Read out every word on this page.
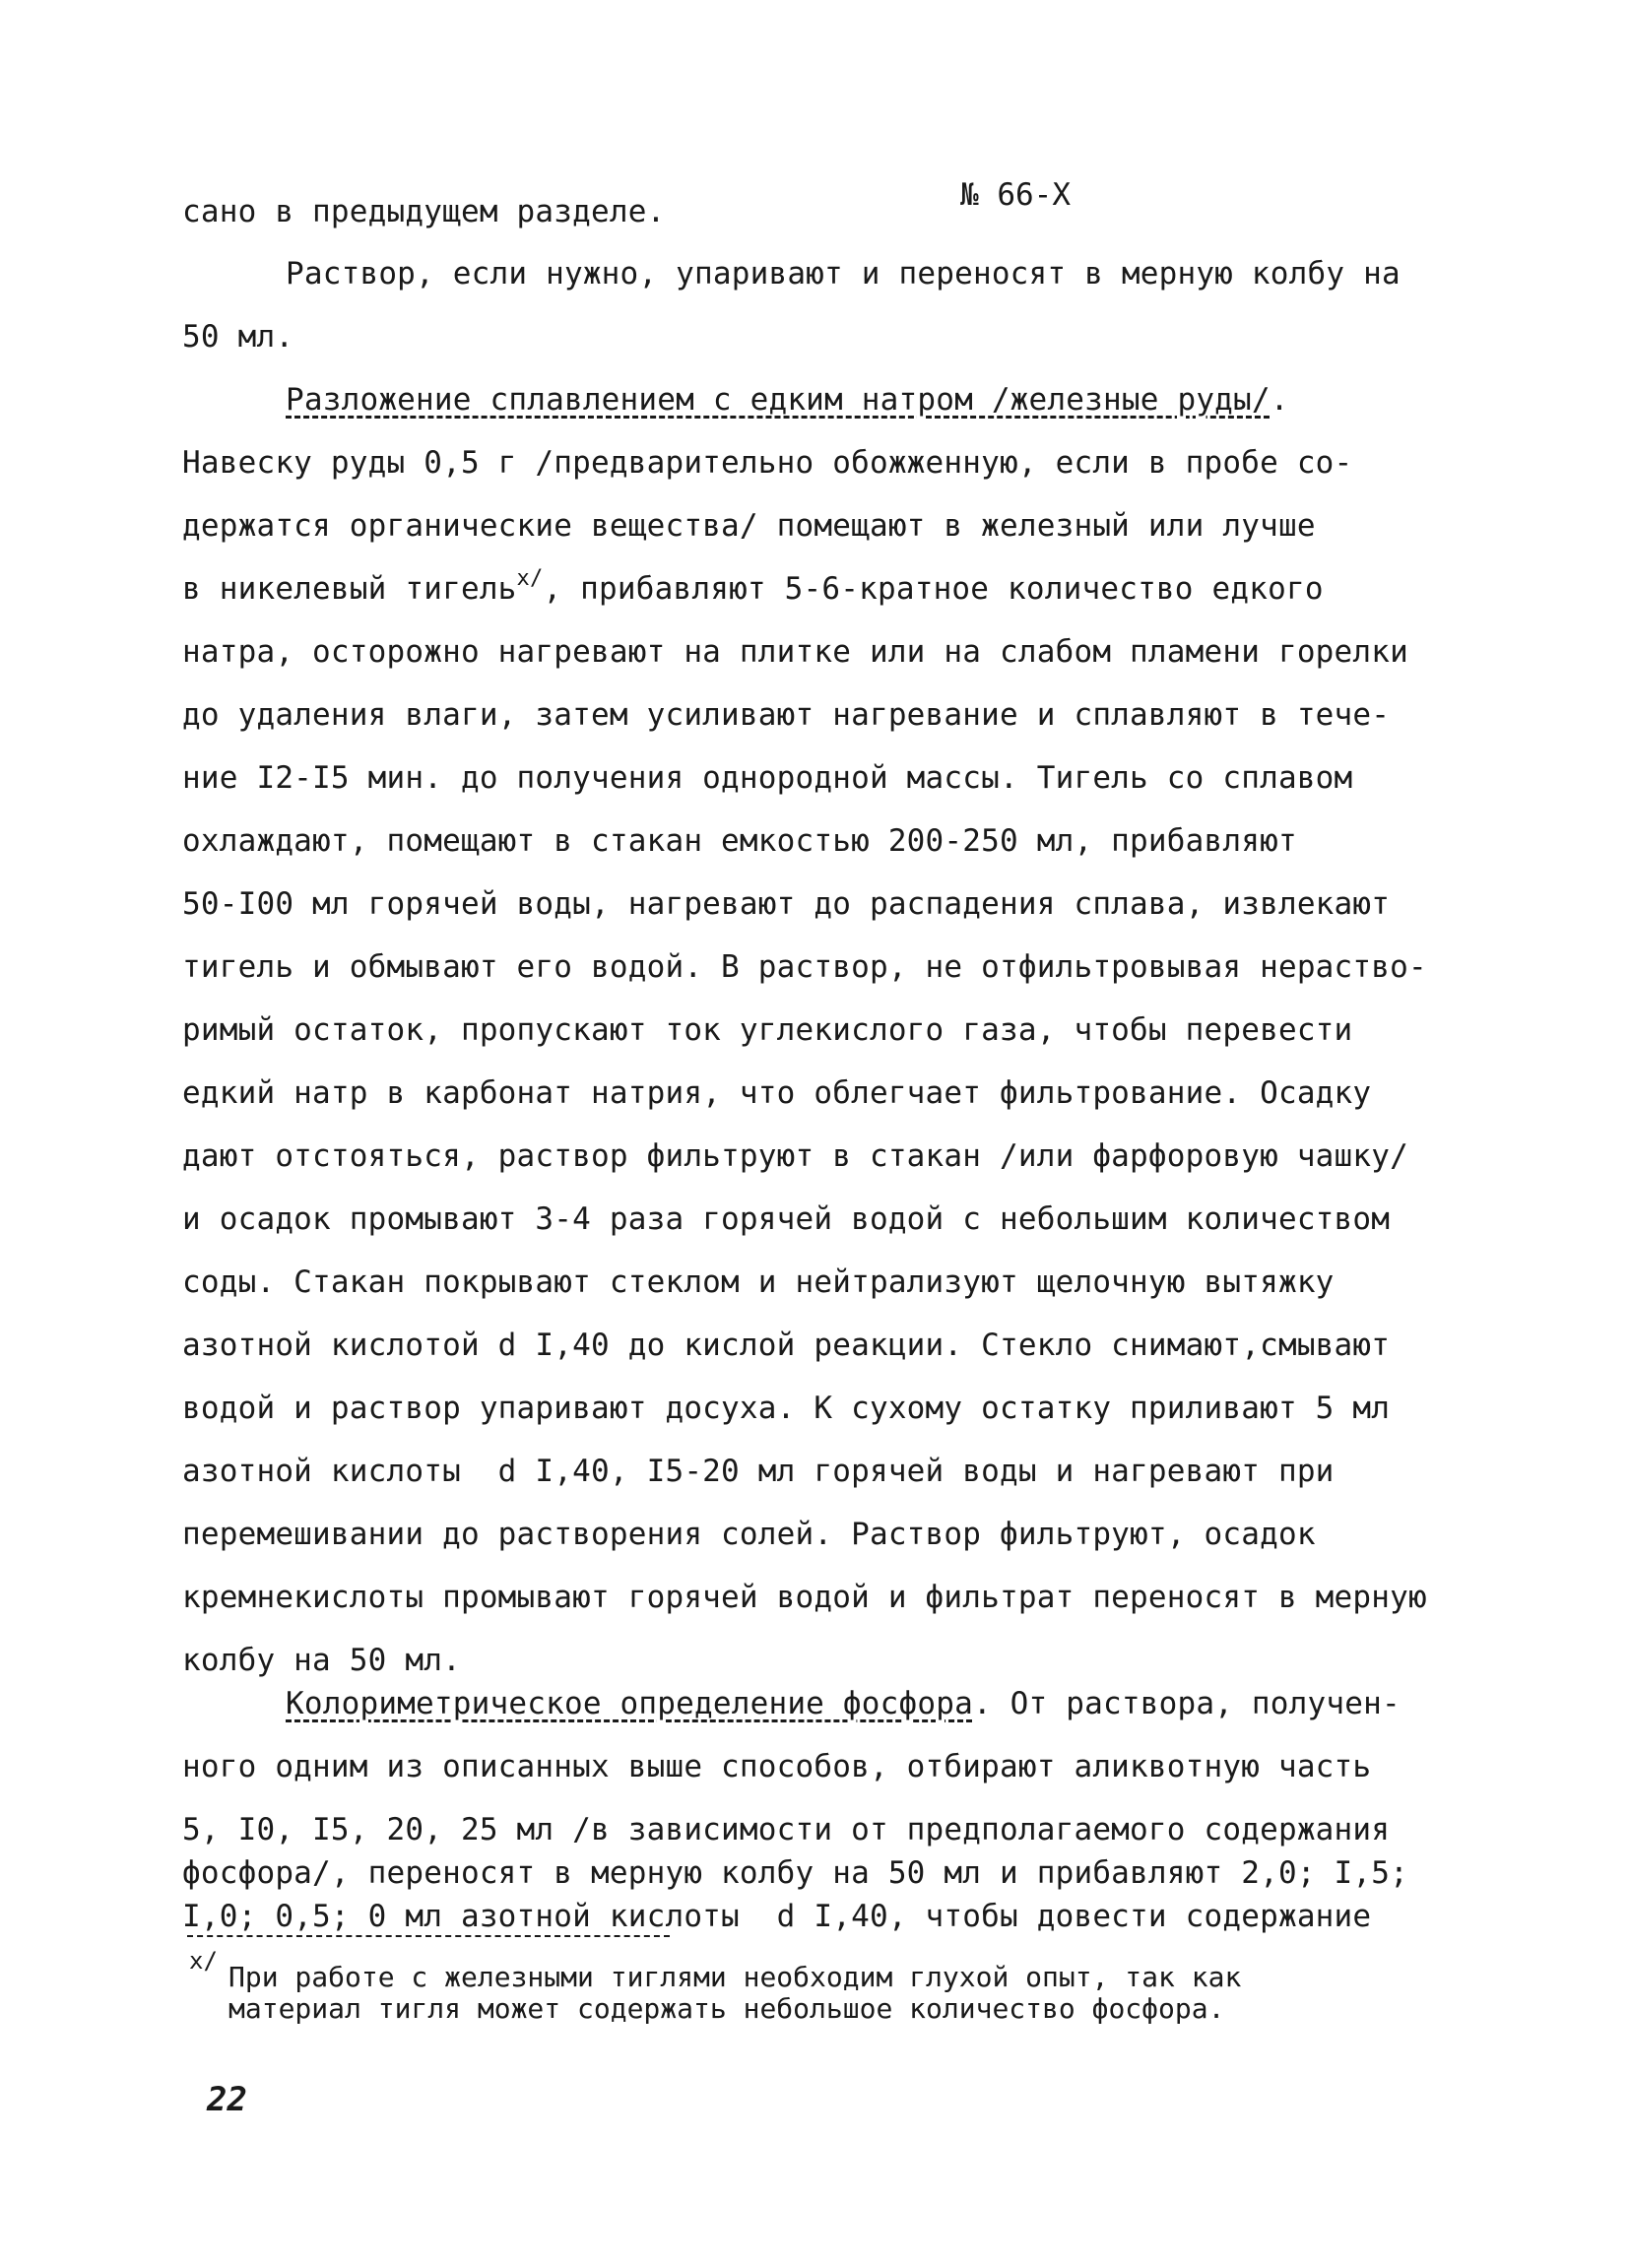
№ 66-Х
сано в предыдущем разделе.
Раствор, если нужно, упаривают и переносят в мерную колбу на
50 мл.
Разложение сплавлением с едким натром /железные руды/.
Навеску руды 0,5 г /предварительно обожженную, если в пробе со-
держатся органические вещества/ помещают в железный или лучше
в никелевый тигель$^{х/}$, прибавляют 5-6-кратное количество едкого
натра, осторожно нагревают на плитке или на слабом пламени горелки
до удаления влаги, затем усиливают нагревание и сплавляют в тече-
ние I2-I5 мин. до получения однородной массы. Тигель со сплавом
охлаждают, помещают в стакан емкостью 200-250 мл, прибавляют
50-I00 мл горячей воды, нагревают до распадения сплава, извлекают
тигель и обмывают его водой. В раствор, не отфильтровывая нераство-
римый остаток, пропускают ток углекислого газа, чтобы перевести
едкий натр в карбонат натрия, что облегчает фильтрование. Осадку
дают отстояться, раствор фильтруют в стакан /или фарфоровую чашку/
и осадок промывают 3-4 раза горячей водой с небольшим количеством
соды. Стакан покрывают стеклом и нейтрализуют щелочную вытяжку
азотной кислотой d I,40 до кислой реакции. Стекло снимают,смывают
водой и раствор упаривают досуха. К сухому остатку приливают 5 мл
азотной кислоты  d I,40, I5-20 мл горячей воды и нагревают при
перемешивании до растворения солей. Раствор фильтруют, осадок
кремнекислоты промывают горячей водой и фильтрат переносят в мерную
колбу на 50 мл.
Колориметрическое определение фосфора. От раствора, получен-
ного одним из описанных выше способов, отбирают аликвотную часть
5, I0, I5, 20, 25 мл /в зависимости от предполагаемого содержания
фосфора/, переносят в мерную колбу на 50 мл и прибавляют 2,0; I,5;
I,0; 0,5; 0 мл азотной кислоты  d I,40, чтобы довести содержание
х/ При работе с железными тиглями необходим глухой опыт, так как
материал тигля может содержать небольшое количество фосфора.
22
